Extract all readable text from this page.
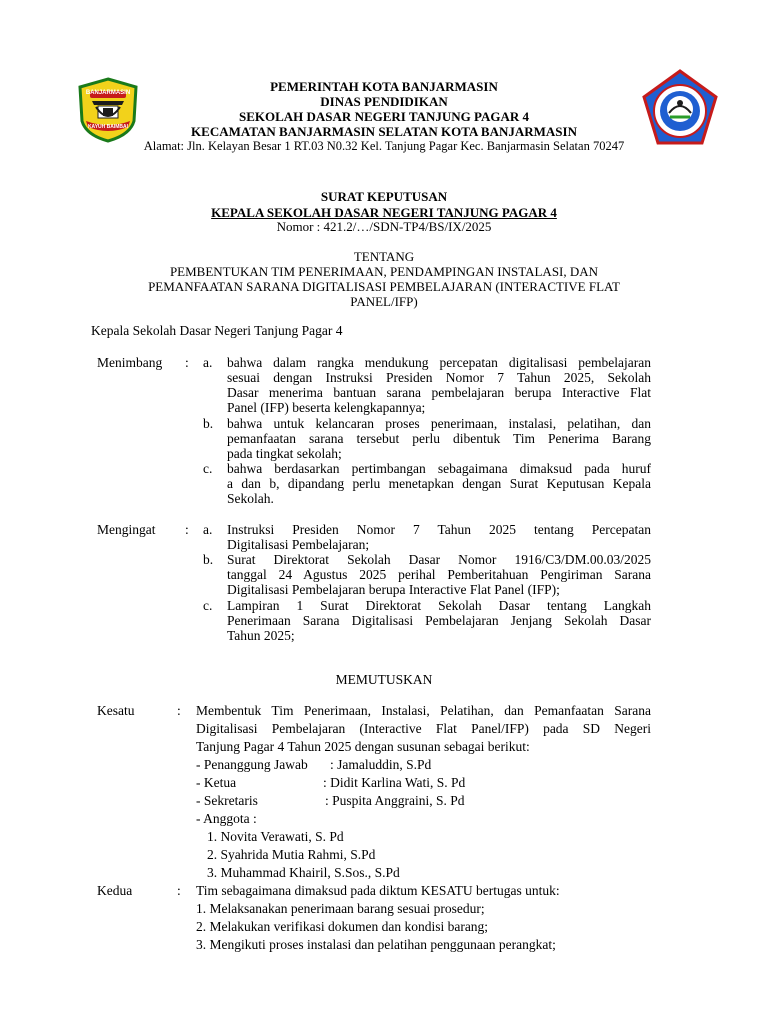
BANJARMASIN
KAYUH BAIMBAI
PEMERINTAH KOTA BANJARMASIN
DINAS PENDIDIKAN
SEKOLAH DASAR NEGERI TANJUNG PAGAR 4
KECAMATAN BANJARMASIN SELATAN KOTA BANJARMASIN
Alamat: Jln. Kelayan Besar 1 RT.03 N0.32 Kel. Tanjung Pagar Kec. Banjarmasin Selatan 70247
SURAT KEPUTUSAN
KEPALA SEKOLAH DASAR NEGERI TANJUNG PAGAR 4
Nomor : 421.2/…/SDN-TP4/BS/IX/2025
TENTANG
PEMBENTUKAN TIM PENERIMAAN, PENDAMPINGAN INSTALASI, DAN
PEMANFAATAN SARANA DIGITALISASI PEMBELAJARAN (INTERACTIVE FLAT
PANEL/IFP)
Kepala Sekolah Dasar Negeri Tanjung Pagar 4
Menimbang : a. bahwa dalam rangka mendukung percepatan digitalisasi pembelajaran
sesuai dengan Instruksi Presiden Nomor 7 Tahun 2025, Sekolah
Dasar menerima bantuan sarana pembelajaran berupa Interactive Flat
Panel (IFP) beserta kelengkapannya;
b. bahwa untuk kelancaran proses penerimaan, instalasi, pelatihan, dan
pemanfaatan sarana tersebut perlu dibentuk Tim Penerima Barang
pada tingkat sekolah;
c. bahwa berdasarkan pertimbangan sebagaimana dimaksud pada huruf
a dan b, dipandang perlu menetapkan dengan Surat Keputusan Kepala
Sekolah.
Mengingat : a. Instruksi Presiden Nomor 7 Tahun 2025 tentang Percepatan
Digitalisasi Pembelajaran;
b. Surat Direktorat Sekolah Dasar Nomor 1916/C3/DM.00.03/2025
tanggal 24 Agustus 2025 perihal Pemberitahuan Pengiriman Sarana
Digitalisasi Pembelajaran berupa Interactive Flat Panel (IFP);
c. Lampiran 1 Surat Direktorat Sekolah Dasar tentang Langkah
Penerimaan Sarana Digitalisasi Pembelajaran Jenjang Sekolah Dasar
Tahun 2025;
MEMUTUSKAN
Kesatu	: Membentuk Tim Penerimaan, Instalasi, Pelatihan, dan Pemanfaatan Sarana
Digitalisasi Pembelajaran (Interactive Flat Panel/IFP) pada SD Negeri
Tanjung Pagar 4 Tahun 2025 dengan susunan sebagai berikut:
- Penanggung Jawab : Jamaluddin, S.Pd
- Ketua	: Didit Karlina Wati, S. Pd
- Sekretaris	: Puspita Anggraini, S. Pd
- Anggota :
1. Novita Verawati, S. Pd
2. Syahrida Mutia Rahmi, S.Pd
3. Muhammad Khairil, S.Sos., S.Pd
Kedua	: Tim sebagaimana dimaksud pada diktum KESATU bertugas untuk:
1. Melaksanakan penerimaan barang sesuai prosedur;
2. Melakukan verifikasi dokumen dan kondisi barang;
3. Mengikuti proses instalasi dan pelatihan penggunaan perangkat;
